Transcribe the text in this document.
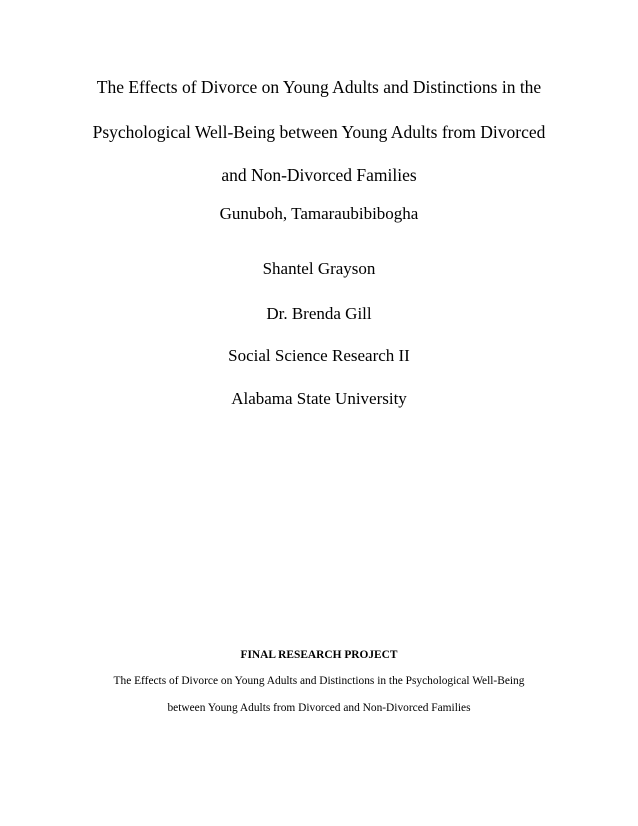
The Effects of Divorce on Young Adults and Distinctions in the
Psychological Well-Being between Young Adults from Divorced
and Non-Divorced Families
Gunuboh, Tamaraubibibogha
Shantel Grayson
Dr. Brenda Gill
Social Science Research II
Alabama State University
FINAL RESEARCH PROJECT
The Effects of Divorce on Young Adults and Distinctions in the Psychological Well-Being
between Young Adults from Divorced and Non-Divorced Families
